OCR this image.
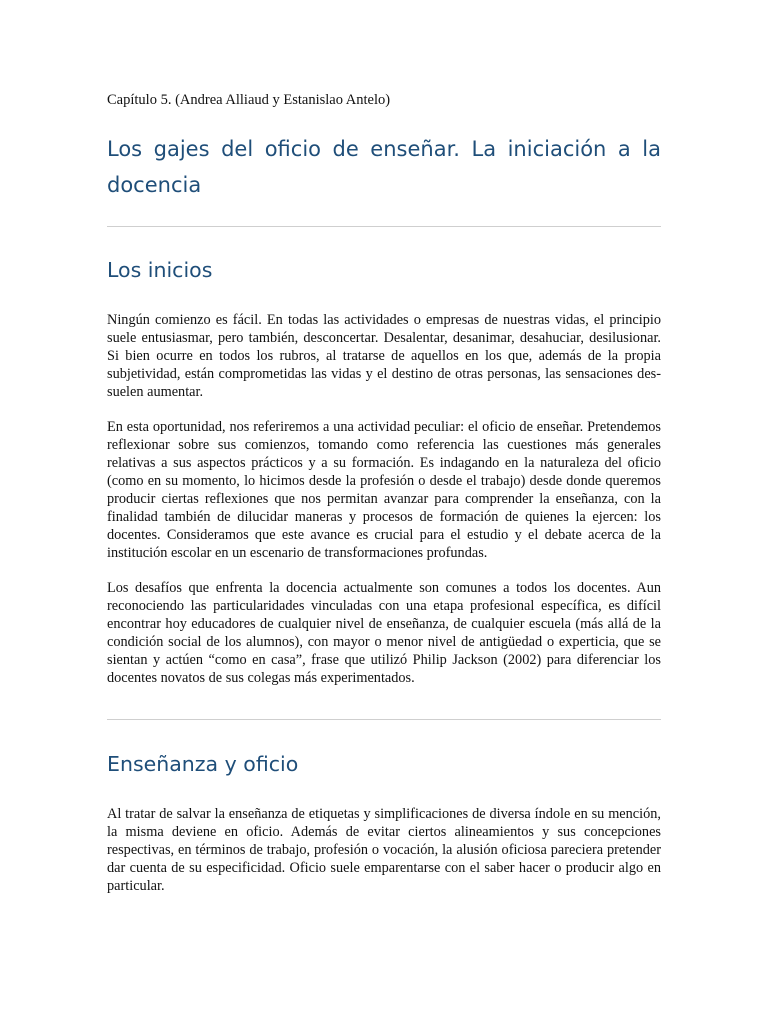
Capítulo 5. (Andrea Alliaud y Estanislao Antelo)
Los gajes del oficio de enseñar. La iniciación a la docencia
Los inicios

Ningún comienzo es fácil. En todas las actividades o empresas de nuestras vidas, el principio suele entusiasmar, pero también, desconcertar. Desalentar, desanimar, desahuciar, desilusionar. Si bien ocurre en todos los rubros, al tratarse de aquellos en los que, además de la propia subjetividad, están comprometidas las vidas y el destino de otras personas, las sensaciones des- suelen aumentar.

En esta oportunidad, nos referiremos a una actividad peculiar: el oficio de enseñar. Pretendemos reflexionar sobre sus comienzos, tomando como referencia las cuestiones más generales relativas a sus aspectos prácticos y a su formación. Es indagando en la naturaleza del oficio (como en su momento, lo hicimos desde la profesión o desde el trabajo) desde donde queremos producir ciertas reflexiones que nos permitan avanzar para comprender la enseñanza, con la finalidad también de dilucidar maneras y procesos de formación de quienes la ejercen: los docentes. Consideramos que este avance es crucial para el estudio y el debate acerca de la institución escolar en un escenario de transformaciones profundas.

Los desafíos que enfrenta la docencia actualmente son comunes a todos los docentes. Aun reconociendo las particularidades vinculadas con una etapa profesional específica, es difícil encontrar hoy educadores de cualquier nivel de enseñanza, de cualquier escuela (más allá de la condición social de los alumnos), con mayor o menor nivel de antigüedad o experticia, que se sientan y actúen “como en casa”, frase que utilizó Philip Jackson (2002) para diferenciar los docentes novatos de sus colegas más experimentados.

Enseñanza y oficio

Al tratar de salvar la enseñanza de etiquetas y simplificaciones de diversa índole en su mención, la misma deviene en oficio. Además de evitar ciertos alineamientos y sus concepciones respectivas, en términos de trabajo, profesión o vocación, la alusión oficiosa pareciera pretender dar cuenta de su especificidad. Oficio suele emparentarse con el saber hacer o producir algo en particular.
